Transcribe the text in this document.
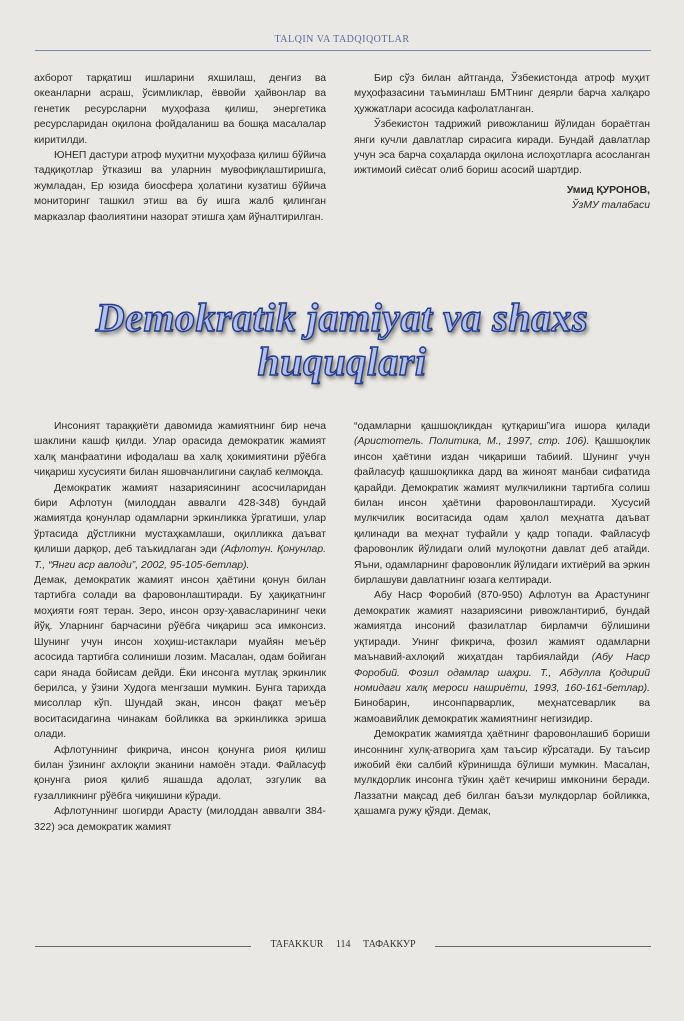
TALQIN VA TADQIQOTLAR

ахборот тарқатиш ишларини яхшилаш, денгиз ва океанларни асраш, ўсимликлар, ёввойи ҳайвонлар ва генетик ресурсларни муҳофаза қилиш, энергетика ресурсларидан оқилона фойдаланиш ва бошқа масалалар киритилди.

ЮНЕП дастури атроф муҳитни муҳофаза қилиш бўйича тадқиқотлар ўтказиш ва уларнин мувофиқлаштиришга, жумладан, Ер юзида биосфера ҳолатини кузатиш бўйича мониторинг ташкил этиш ва бу ишга жалб қилинган марказлар фаолиятини назорат этишга ҳам йўналтирилган.

Бир сўз билан айтганда, Ўзбекистонда атроф муҳит муҳофазасини таъминлаш БМТнинг деярли барча халқаро ҳужжатлари асосида кафолатланган.

Ўзбекистон тадрижий ривожланиш йўлидан бораётган янги кучли давлатлар сирасига киради. Бундай давлатлар учун эса барча соҳаларда оқилона ислоҳотларга асосланган ижтимоий сиёсат олиб бориш асосий шартдир.

Умид ҚУРОНОВ,
ЎзМУ талабаси
Demokratik jamiyat va shaxs
huquqlari

Инсоният тараққиёти давомида жамиятнинг бир неча шаклини кашф қилди. Улар орасида демократик жамият халқ манфаатини ифодалаш ва халқ ҳокимиятини рўёбга чиқариш хусусияти билан яшовчанлигини сақлаб келмоқда.

Демократик жамият назариясининг асосчиларидан бири Афлотун (милоддан аввалги 428-348) бундай жамиятда қонунлар одамларни эркинликка ўргатиши, улар ўртасида дўстликни мустаҳкамлаши, оқилликка даъват қилиши дарқор, деб таъкидлаган эди (Афлотун. Қонунлар. Т., “Янги аср авлоди”, 2002, 95-105-бетлар).

Демак, демократик жамият инсон ҳаётини қонун билан тартибга солади ва фаровонлаштиради. Бу ҳақиқатнинг моҳияти ғоят теран. Зеро, инсон орзу-ҳавасларининг чеки йўқ. Уларнинг барчасини рўёбга чиқариш эса имконсиз. Шунинг учун инсон хоҳиш-истаклари муайян меъёр асосида тартибга солиниши лозим. Масалан, одам бойиган сари янада бойисам дейди. Ёки инсонга мутлақ эркинлик берилса, у ўзини Худога менгзаши мумкин. Бунга тарихда мисоллар кўп. Шундай экан, инсон фақат меъёр воситасидагина чинакам бойликка ва эркинликка эришa олади.

Афлотуннинг фикрича, инсон қонунга риоя қилиш билан ўзининг ахлоқли эканини намоён этади. Файласуф қонунга риоя қилиб яшашда адолат, эзгулик ва ғузалликнинг рўёбга чиқишини кўради.

Афлотуннинг шогирди Арасту (милоддан аввалги 384-322) эса демократик жамият

“одамларни қашшоқликдан қутқариш”ига ишора қилади (Аристотель. Политика, М., 1997, стр. 106). Қашшоқлик инсон ҳаётини издан чиқариши табиий. Шунинг учун файласуф қашшоқликка дард ва жиноят манбаи сифатида қарайди. Демократик жамият мулкчиликни тартибга солиш билан инсон ҳаётини фаровонлаштиради. Хусусий мулкчилик воситасида одам ҳалол меҳнатга даъват қилинади ва меҳнат туфайли у қадр топади. Файласуф фаровонлик йўлидаги олий мулоқотни давлат деб атайди. Яъни, одамларнинг фаровонлик йўлидаги ихтиёрий ва эркин бирлашуви давлатнинг юзага келтиради.

Абу Наср Форобий (870-950) Афлотун ва Арастунинг демократик жамият назариясини ривожлантириб, бундай жамиятда инсоний фазилатлар бирламчи бўлишини уқтиради. Унинг фикрича, фозил жамият одамларни маънавий-ахлоқий жиҳатдан тарбиялайди (Абу Наср Форобий. Фозил одамлар шаҳри. Т., Абдулла Қодирий номидаги халқ мероси нашриёти, 1993, 160-161-бетлар). Бинобарин, инсонпарварлик, меҳнатсеварлик ва жамоавийлик демократик жамиятнинг негизидир.

Демократик жамиятда ҳаётнинг фаровонлашиб бориши инсоннинг хулқ-атворига ҳам таъсир кўрсатади. Бу таъсир ижобий ёки салбий кўринишда бўлиши мумкин. Масалан, мулкдорлик инсонга тўкин ҳаёт кечириш имконини беради. Лаззатни мақсад деб билган баъзи мулкдорлар бойликка, ҳашамга ружу қўяди. Демак,

TAFAKKUR 114 ТАФАККУР
